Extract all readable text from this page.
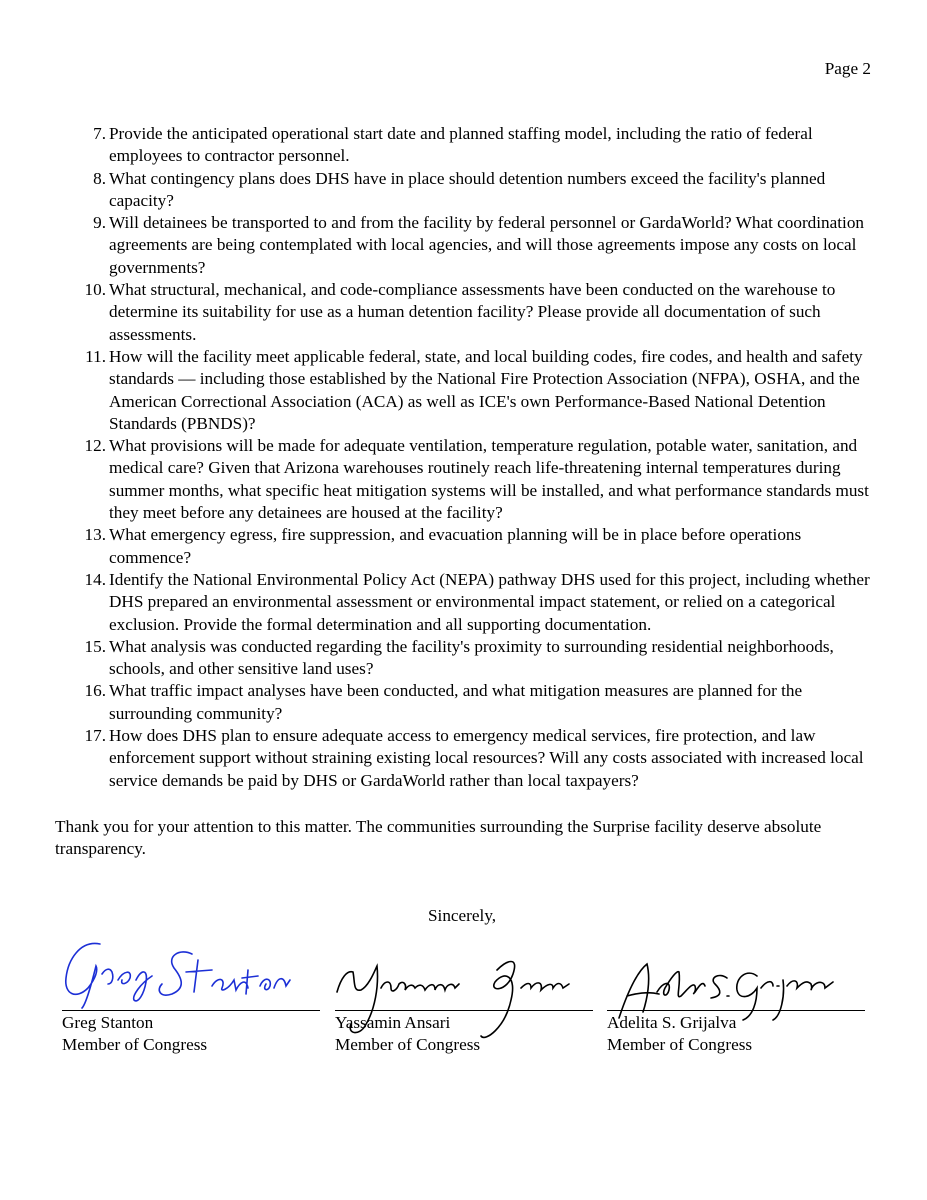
Page 2
7. Provide the anticipated operational start date and planned staffing model, including the ratio of federal employees to contractor personnel.
8. What contingency plans does DHS have in place should detention numbers exceed the facility's planned capacity?
9. Will detainees be transported to and from the facility by federal personnel or GardaWorld? What coordination agreements are being contemplated with local agencies, and will those agreements impose any costs on local governments?
10. What structural, mechanical, and code-compliance assessments have been conducted on the warehouse to determine its suitability for use as a human detention facility? Please provide all documentation of such assessments.
11. How will the facility meet applicable federal, state, and local building codes, fire codes, and health and safety standards — including those established by the National Fire Protection Association (NFPA), OSHA, and the American Correctional Association (ACA) as well as ICE's own Performance-Based National Detention Standards (PBNDS)?
12. What provisions will be made for adequate ventilation, temperature regulation, potable water, sanitation, and medical care? Given that Arizona warehouses routinely reach life-threatening internal temperatures during summer months, what specific heat mitigation systems will be installed, and what performance standards must they meet before any detainees are housed at the facility?
13. What emergency egress, fire suppression, and evacuation planning will be in place before operations commence?
14. Identify the National Environmental Policy Act (NEPA) pathway DHS used for this project, including whether DHS prepared an environmental assessment or environmental impact statement, or relied on a categorical exclusion. Provide the formal determination and all supporting documentation.
15. What analysis was conducted regarding the facility's proximity to surrounding residential neighborhoods, schools, and other sensitive land uses?
16. What traffic impact analyses have been conducted, and what mitigation measures are planned for the surrounding community?
17. How does DHS plan to ensure adequate access to emergency medical services, fire protection, and law enforcement support without straining existing local resources? Will any costs associated with increased local service demands be paid by DHS or GardaWorld rather than local taxpayers?

Thank you for your attention to this matter. The communities surrounding the Surprise facility deserve absolute transparency.

Sincerely,
Greg Stanton
Member of Congress
Yassamin Ansari
Member of Congress
Adelita S. Grijalva
Member of Congress
